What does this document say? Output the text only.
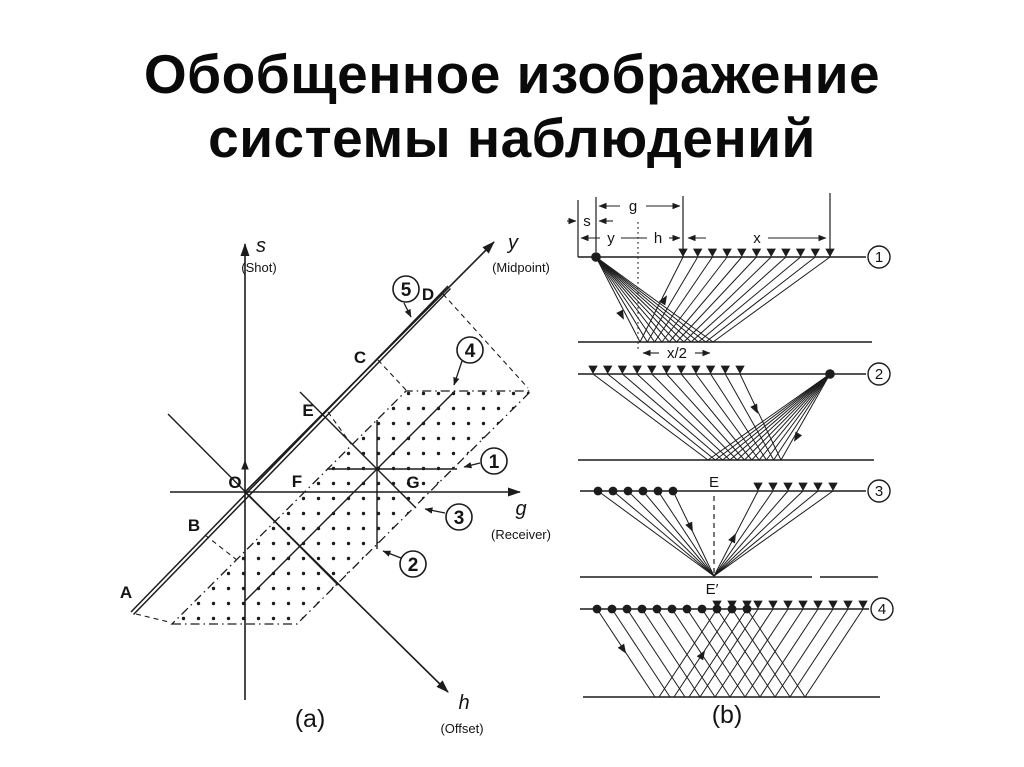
Обобщенное изображение
системы наблюдений
A
B
O
E
C
D
F	G
5
4
1
3
2
s
(Shot)
y
(Midpoint)
g
(Receiver)
h
(Offset)
(a)
g
s
y	h	x
x/2
1
2
3
4
E
E′
(b)
